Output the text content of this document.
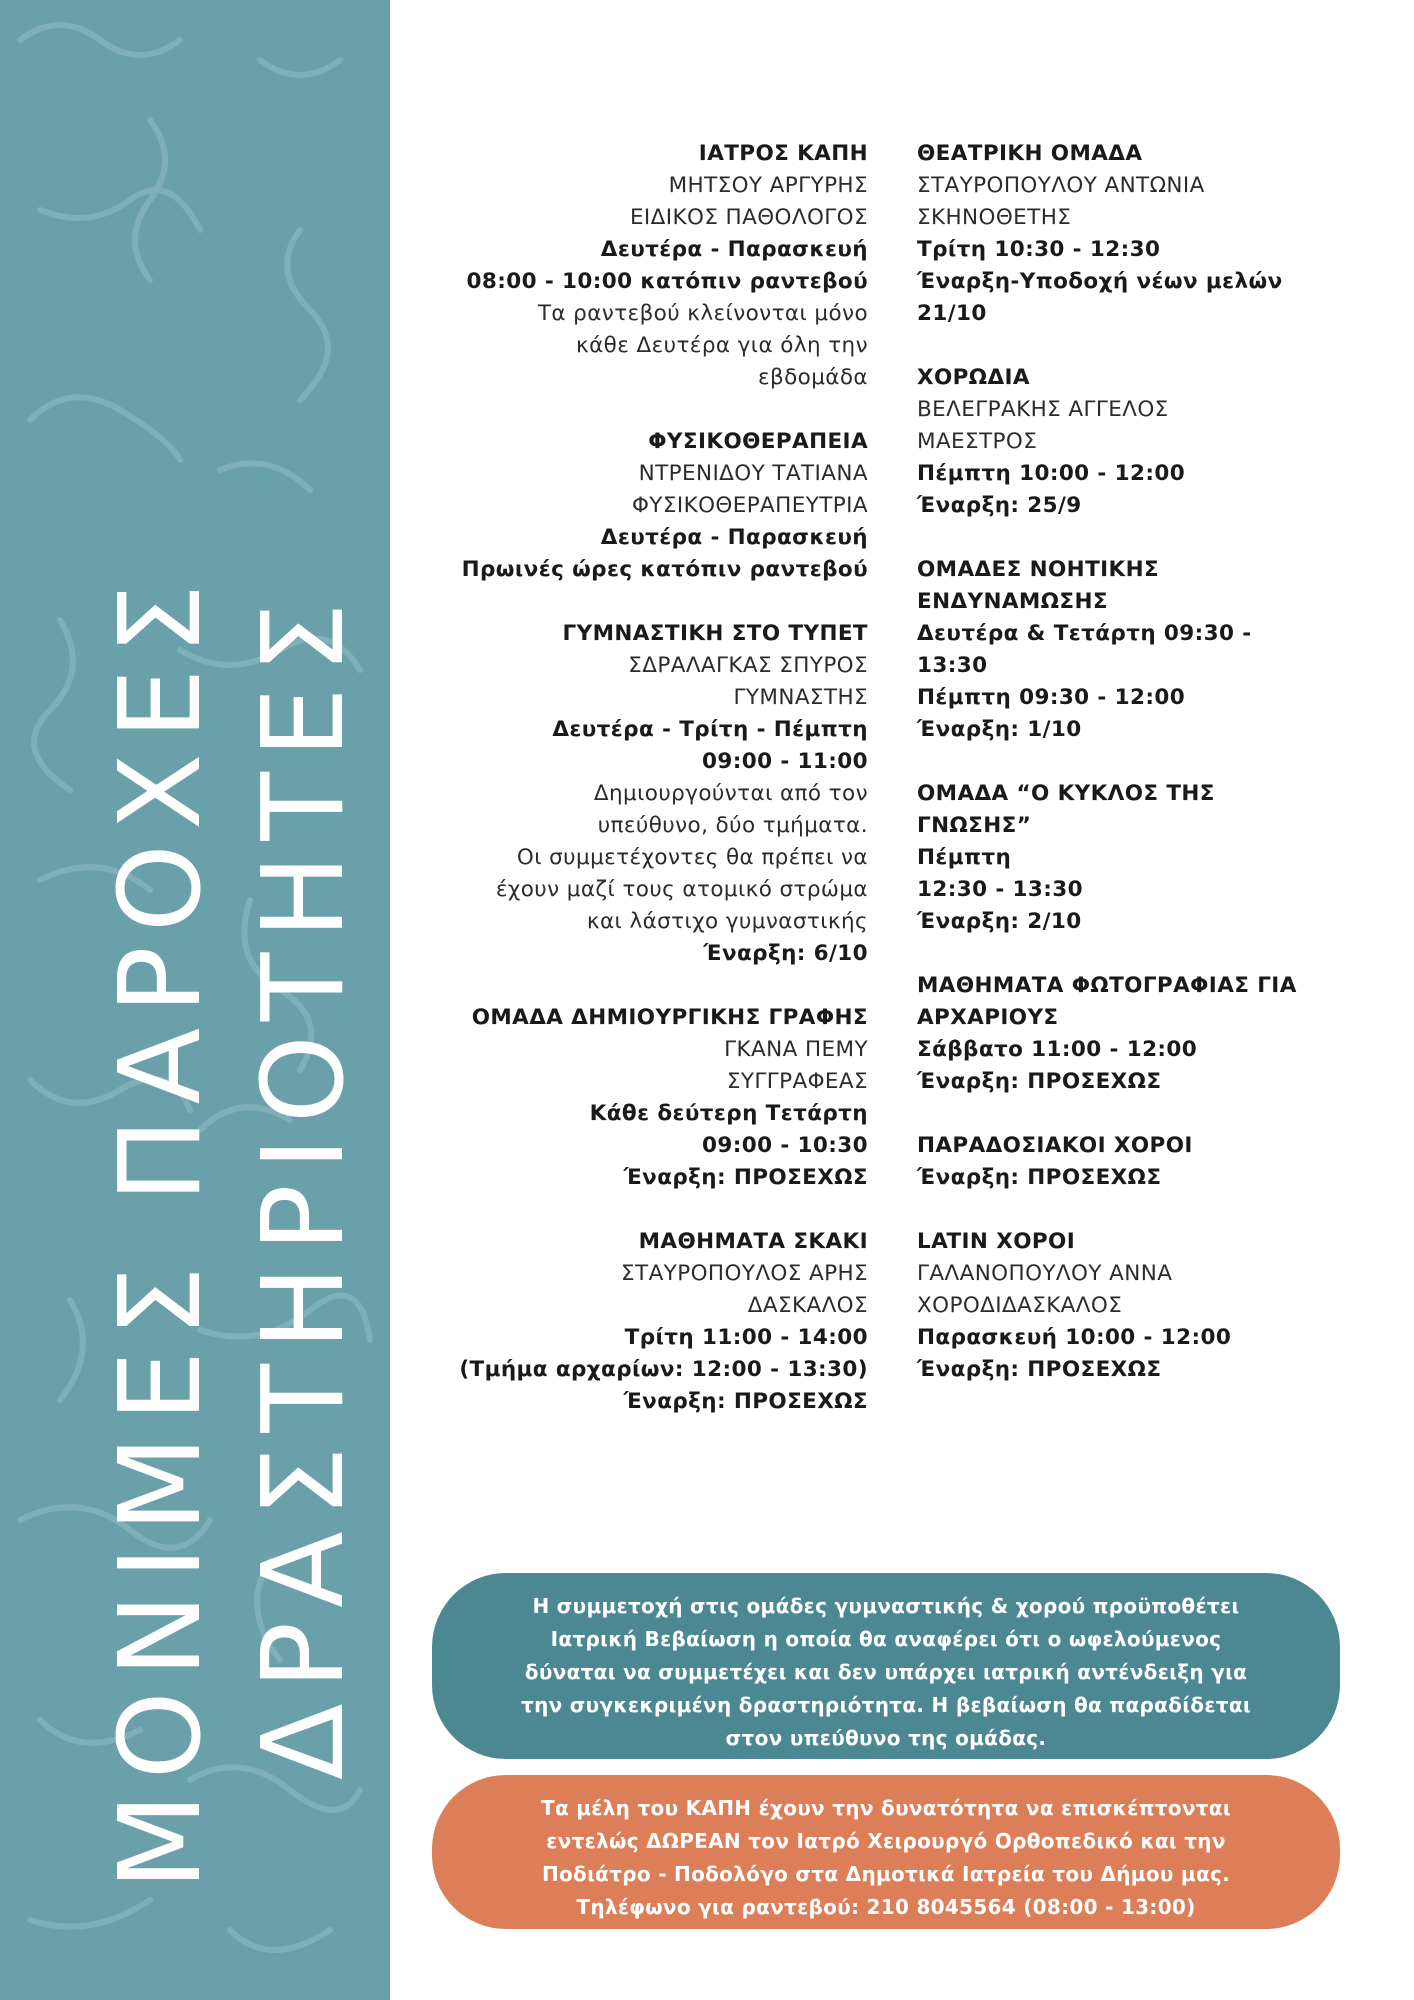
ΜΟΝΙΜΕΣ ΠΑΡΟΧΕΣ ΔΡΑΣΤΗΡΙΟΤΗΤΕΣ
ΙΑΤΡΟΣ ΚΑΠΗ
ΜΗΤΣΟΥ ΑΡΓΥΡΗΣ
ΕΙΔΙΚΟΣ ΠΑΘΟΛΟΓΟΣ
Δευτέρα - Παρασκευή
08:00 - 10:00 κατόπιν ραντεβού
Τα ραντεβού κλείνονται μόνο
κάθε Δευτέρα για όλη την
εβδομάδα
ΦΥΣΙΚΟΘΕΡΑΠΕΙΑ
ΝΤΡΕΝΙΔΟΥ ΤΑΤΙΑΝΑ
ΦΥΣΙΚΟΘΕΡΑΠΕΥΤΡΙΑ
Δευτέρα - Παρασκευή
Πρωινές ώρες κατόπιν ραντεβού
ΓΥΜΝΑΣΤΙΚΗ ΣΤΟ ΤΥΠΕΤ
ΣΔΡΑΛΑΓΚΑΣ ΣΠΥΡΟΣ
ΓΥΜΝΑΣΤΗΣ
Δευτέρα - Τρίτη - Πέμπτη
09:00 - 11:00
Δημιουργούνται από τον
υπεύθυνο, δύο τμήματα.
Οι συμμετέχοντες θα πρέπει να
έχουν μαζί τους ατομικό στρώμα
και λάστιχο γυμναστικής
Έναρξη: 6/10
ΟΜΑΔΑ ΔΗΜΙΟΥΡΓΙΚΗΣ ΓΡΑΦΗΣ
ΓΚΑΝΑ ΠΕΜΥ
ΣΥΓΓΡΑΦΕΑΣ
Κάθε δεύτερη Τετάρτη
09:00 - 10:30
Έναρξη: ΠΡΟΣΕΧΩΣ
ΜΑΘΗΜΑΤΑ ΣΚΑΚΙ
ΣΤΑΥΡΟΠΟΥΛΟΣ ΑΡΗΣ
ΔΑΣΚΑΛΟΣ
Τρίτη 11:00 - 14:00
(Τμήμα αρχαρίων: 12:00 - 13:30)
Έναρξη: ΠΡΟΣΕΧΩΣ
ΘΕΑΤΡΙΚΗ ΟΜΑΔΑ
ΣΤΑΥΡΟΠΟΥΛΟΥ ΑΝΤΩΝΙΑ
ΣΚΗΝΟΘΕΤΗΣ
Τρίτη 10:30 - 12:30
Έναρξη-Υποδοχή νέων μελών
21/10
ΧΟΡΩΔΙΑ
ΒΕΛΕΓΡΑΚΗΣ ΑΓΓΕΛΟΣ
ΜΑΕΣΤΡΟΣ
Πέμπτη 10:00 - 12:00
Έναρξη: 25/9
ΟΜΑΔΕΣ ΝΟΗΤΙΚΗΣ
ΕΝΔΥΝΑΜΩΣΗΣ
Δευτέρα & Τετάρτη 09:30 -
13:30
Πέμπτη 09:30 - 12:00
Έναρξη: 1/10
ΟΜΑΔΑ “Ο ΚΥΚΛΟΣ ΤΗΣ
ΓΝΩΣΗΣ”
Πέμπτη
12:30 - 13:30
Έναρξη: 2/10
ΜΑΘΗΜΑΤΑ ΦΩΤΟΓΡΑΦΙΑΣ ΓΙΑ
ΑΡΧΑΡΙΟΥΣ
Σάββατο 11:00 - 12:00
Έναρξη: ΠΡΟΣΕΧΩΣ
ΠΑΡΑΔΟΣΙΑΚΟΙ ΧΟΡΟΙ
Έναρξη: ΠΡΟΣΕΧΩΣ
LATIN ΧΟΡΟΙ
ΓΑΛΑΝΟΠΟΥΛΟΥ ΑΝΝΑ
ΧΟΡΟΔΙΔΑΣΚΑΛΟΣ
Παρασκευή 10:00 - 12:00
Έναρξη: ΠΡΟΣΕΧΩΣ
Η συμμετοχή στις ομάδες γυμναστικής & χορού προϋποθέτει
Ιατρική Βεβαίωση η οποία θα αναφέρει ότι ο ωφελούμενος
δύναται να συμμετέχει και δεν υπάρχει ιατρική αντένδειξη για
την συγκεκριμένη δραστηριότητα. Η βεβαίωση θα παραδίδεται
στον υπεύθυνο της ομάδας.
Τα μέλη του ΚΑΠΗ έχουν την δυνατότητα να επισκέπτονται
εντελώς ΔΩΡΕΑΝ τον Ιατρό Χειρουργό Ορθοπεδικό και την
Ποδιάτρο - Ποδολόγο στα Δημοτικά Ιατρεία του Δήμου μας.
Τηλέφωνο για ραντεβού: 210 8045564 (08:00 - 13:00)
